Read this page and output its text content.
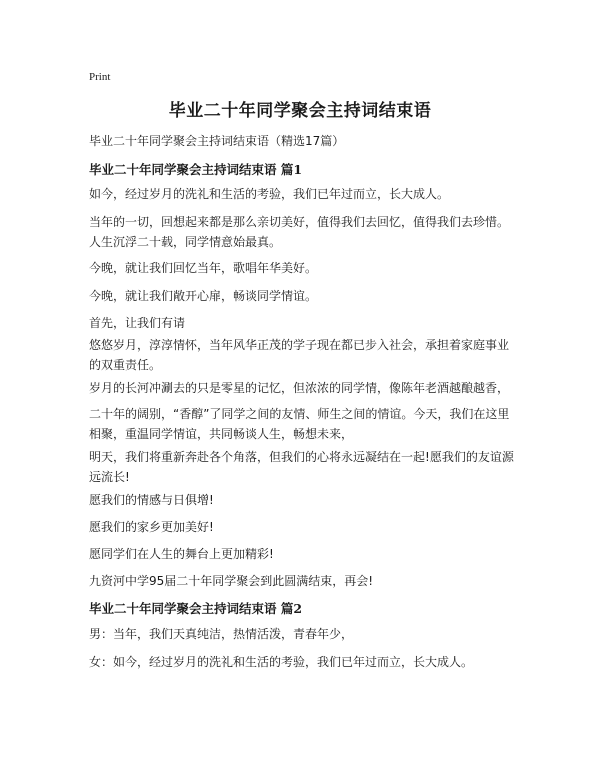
Print
毕业二十年同学聚会主持词结束语
毕业二十年同学聚会主持词结束语（精选17篇）
毕业二十年同学聚会主持词结束语 篇1
如今，经过岁月的洗礼和生活的考验，我们已年过而立，长大成人。
当年的一切，回想起来都是那么亲切美好，值得我们去回忆，值得我们去珍惜。人生沉浮二十载，同学情意始最真。
今晚，就让我们回忆当年，歌唱年华美好。
今晚，就让我们敞开心扉，畅谈同学情谊。
首先，让我们有请
悠悠岁月，淳淳情怀，当年风华正茂的学子现在都已步入社会，承担着家庭事业的双重责任。
岁月的长河冲涮去的只是零星的记忆，但浓浓的同学情，像陈年老酒越酿越香，
二十年的阔别，“香醇”了同学之间的友情、师生之间的情谊。今天，我们在这里相聚，重温同学情谊，共同畅谈人生，畅想未来，
明天，我们将重新奔赴各个角落，但我们的心将永远凝结在一起!愿我们的友谊源远流长!
愿我们的情感与日俱增!
愿我们的家乡更加美好!
愿同学们在人生的舞台上更加精彩!
九资河中学95届二十年同学聚会到此圆满结束，再会!
毕业二十年同学聚会主持词结束语 篇2
男：当年，我们天真纯洁，热情活泼，青春年少，
女：如今，经过岁月的洗礼和生活的考验，我们已年过而立，长大成人。
